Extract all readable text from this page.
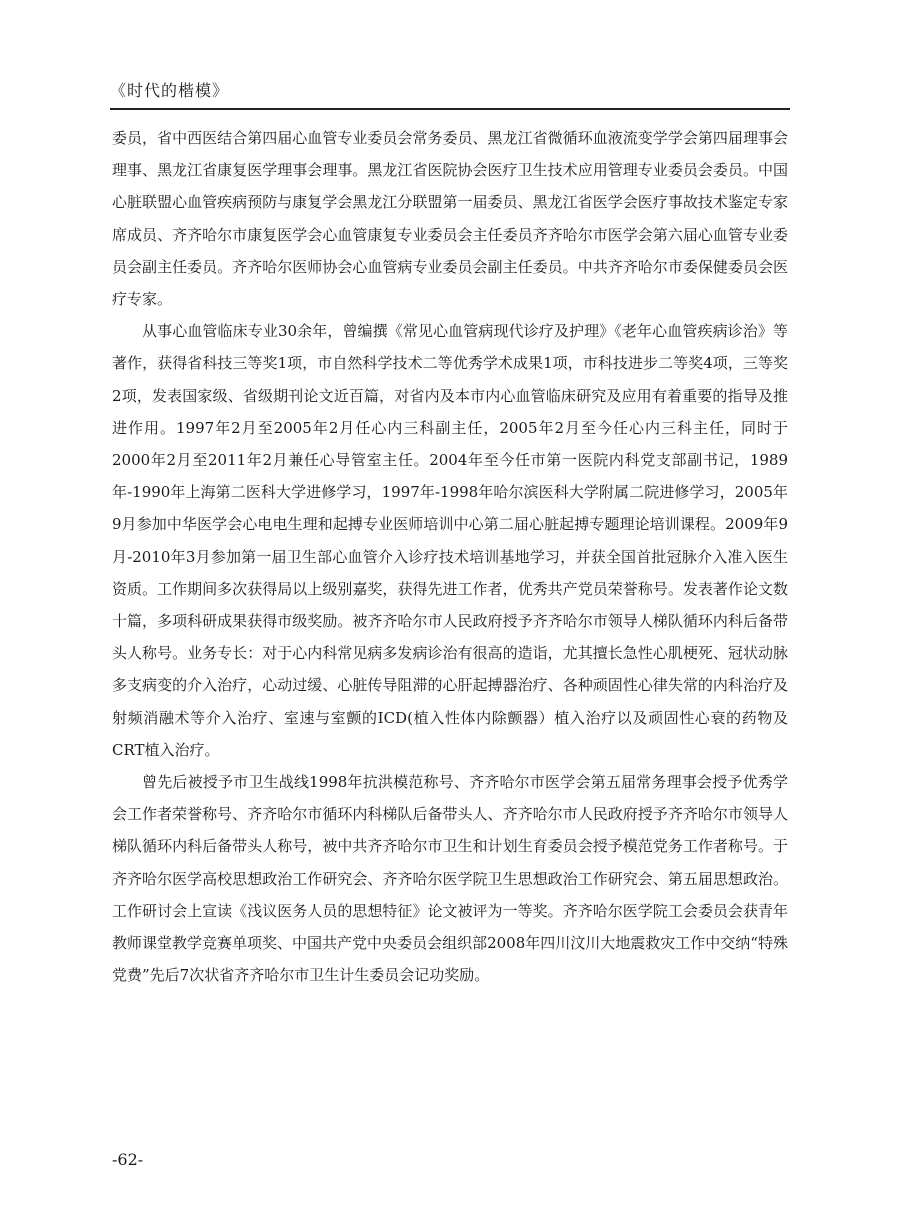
《时代的楷模》

委员，省中西医结合第四届心血管专业委员会常务委员、黑龙江省微循环血液流变学学会第四届理事会理事、黑龙江省康复医学理事会理事。黑龙江省医院协会医疗卫生技术应用管理专业委员会委员。中国心脏联盟心血管疾病预防与康复学会黑龙江分联盟第一届委员、黑龙江省医学会医疗事故技术鉴定专家席成员、齐齐哈尔市康复医学会心血管康复专业委员会主任委员齐齐哈尔市医学会第六届心血管专业委员会副主任委员。齐齐哈尔医师协会心血管病专业委员会副主任委员。中共齐齐哈尔市委保健委员会医疗专家。

从事心血管临床专业30余年，曾编撰《常见心血管病现代诊疗及护理》《老年心血管疾病诊治》等著作，获得省科技三等奖1项，市自然科学技术二等优秀学术成果1项，市科技进步二等奖4项，三等奖2项，发表国家级、省级期刊论文近百篇，对省内及本市内心血管临床研究及应用有着重要的指导及推进作用。1997年2月至2005年2月任心内三科副主任，2005年2月至今任心内三科主任，同时于2000年2月至2011年2月兼任心导管室主任。2004年至今任市第一医院内科党支部副书记，1989年-1990年上海第二医科大学进修学习，1997年-1998年哈尔滨医科大学附属二院进修学习，2005年9月参加中华医学会心电电生理和起搏专业医师培训中心第二届心脏起搏专题理论培训课程。2009年9月-2010年3月参加第一届卫生部心血管介入诊疗技术培训基地学习，并获全国首批冠脉介入准入医生资质。工作期间多次获得局以上级别嘉奖，获得先进工作者，优秀共产党员荣誉称号。发表著作论文数十篇，多项科研成果获得市级奖励。被齐齐哈尔市人民政府授予齐齐哈尔市领导人梯队循环内科后备带头人称号。业务专长：对于心内科常见病多发病诊治有很高的造诣，尤其擅长急性心肌梗死、冠状动脉多支病变的介入治疗，心动过缓、心脏传导阻滞的心肝起搏器治疗、各种顽固性心律失常的内科治疗及射频消融术等介入治疗、室速与室颤的ICD(植入性体内除颤器）植入治疗以及顽固性心衰的药物及CRT植入治疗。

曾先后被授予市卫生战线1998年抗洪模范称号、齐齐哈尔市医学会第五届常务理事会授予优秀学会工作者荣誉称号、齐齐哈尔市循环内科梯队后备带头人、齐齐哈尔市人民政府授予齐齐哈尔市领导人梯队循环内科后备带头人称号，被中共齐齐哈尔市卫生和计划生育委员会授予模范党务工作者称号。于齐齐哈尔医学高校思想政治工作研究会、齐齐哈尔医学院卫生思想政治工作研究会、第五届思想政治。工作研讨会上宣读《浅议医务人员的思想特征》论文被评为一等奖。齐齐哈尔医学院工会委员会获青年教师课堂教学竞赛单项奖、中国共产党中央委员会组织部2008年四川汶川大地震救灾工作中交纳“特殊党费”先后7次状省齐齐哈尔市卫生计生委员会记功奖励。

-62-
